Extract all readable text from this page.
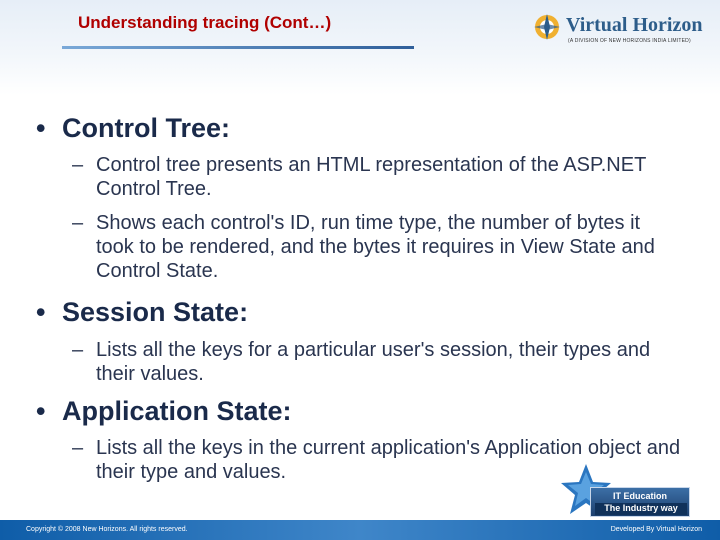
Understanding tracing (Cont…)	Virtual Horizon
(A DIVISION OF NEW HORIZONS INDIA LIMITED)
• Control Tree:
– Control tree presents an HTML representation of the ASP.NET Control Tree.
– Shows each control's ID, run time type, the number of bytes it took to be rendered, and the bytes it requires in View State and Control State.
• Session State:
– Lists all the keys for a particular user's session, their types and their values.
• Application State:
– Lists all the keys in the current application's Application object and their type and values.
Copyright © 2008 New Horizons. All rights reserved.	Developed By Virtual Horizon
IT Education
The Industry way
